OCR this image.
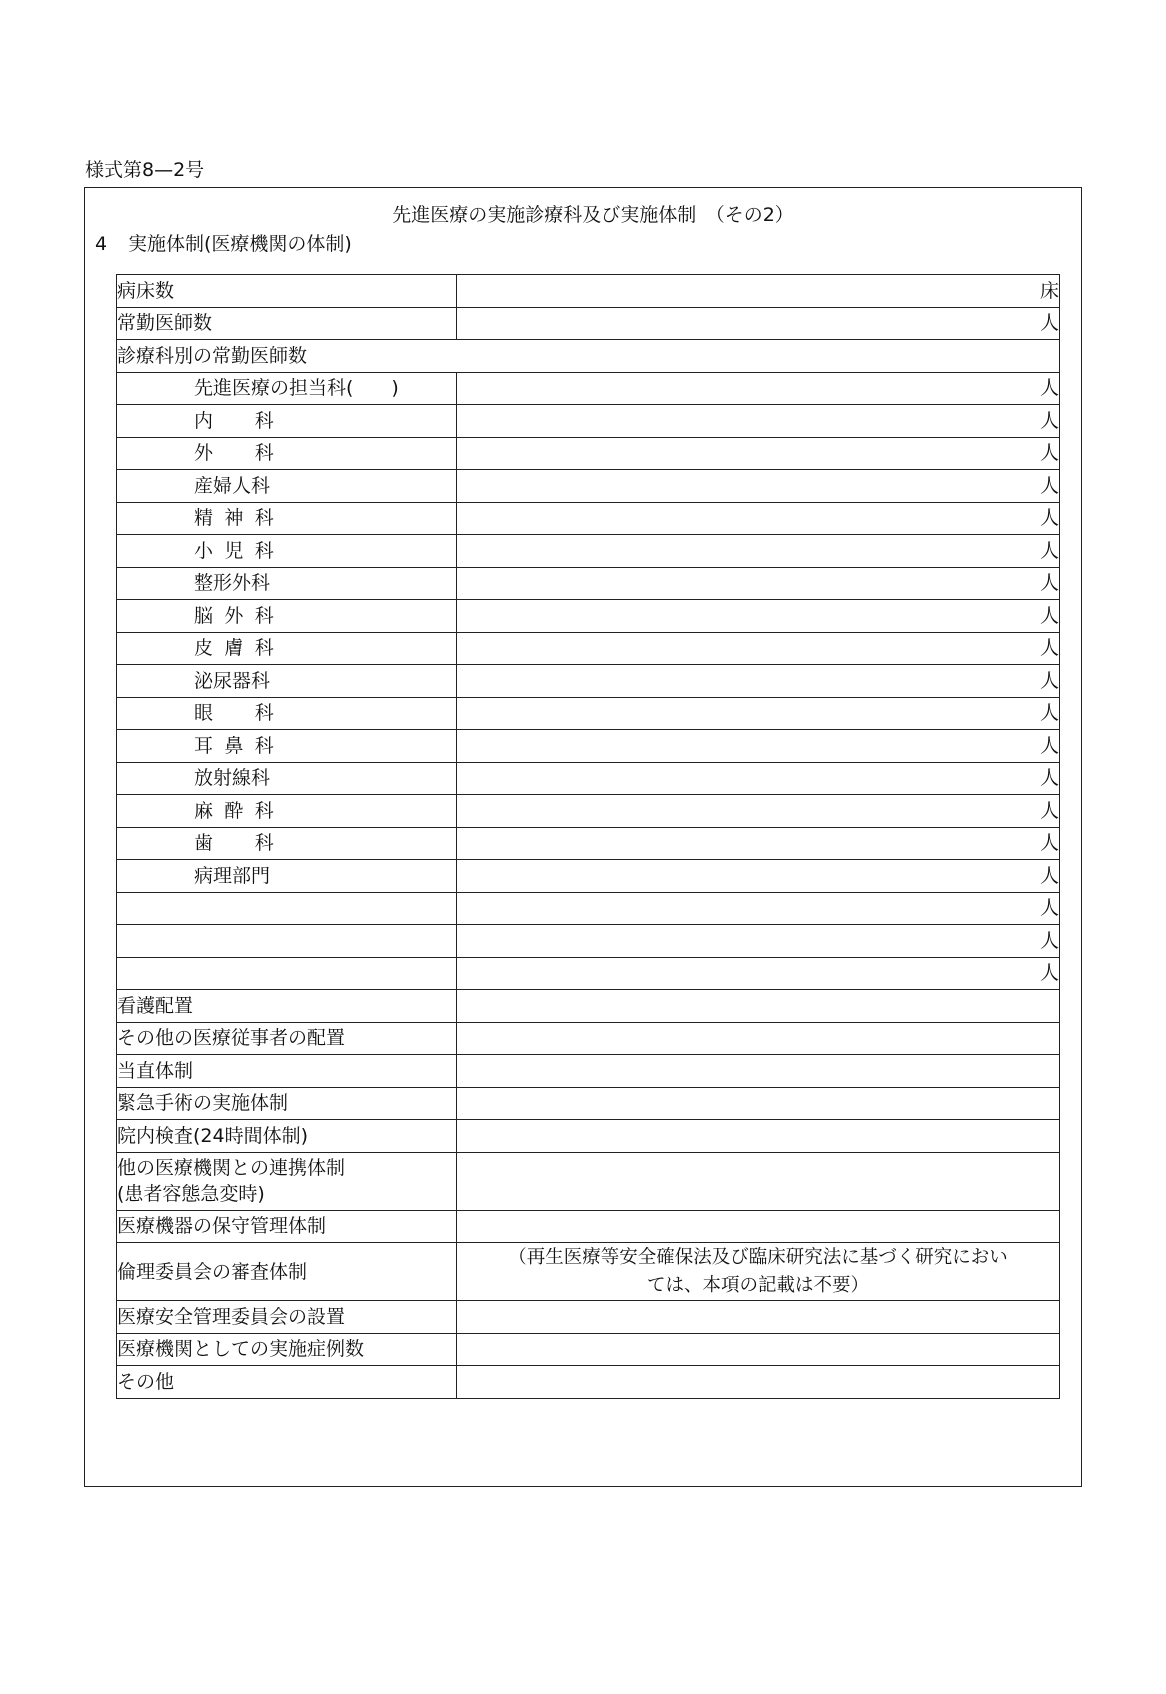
様式第8—2号
先進医療の実施診療科及び実施体制　（その2）
4 実施体制(医療機関の体制)
病床数	床
常勤医師数	人
診療科別の常勤医師数	
先進医療の担当科(　　)	人
内科	人
外科	人
産婦人科	人
精神科	人
小児科	人
整形外科	人
脳外科	人
皮膚科	人
泌尿器科	人
眼科	人
耳鼻科	人
放射線科	人
麻酔科	人
歯科	人
病理部門	人
	人
	人
	人
看護配置	
その他の医療従事者の配置	
当直体制	
緊急手術の実施体制	
院内検査(24時間体制)	

他の医療機関との連携体制
(患者容態急変時)	

医療機器の保守管理体制	
倫理委員会の審査体制	（再生医療等安全確保法及び臨床研究法に基づく研究におい
ては、本項の記載は不要）

医療安全管理委員会の設置	
医療機関としての実施症例数	
その他	
